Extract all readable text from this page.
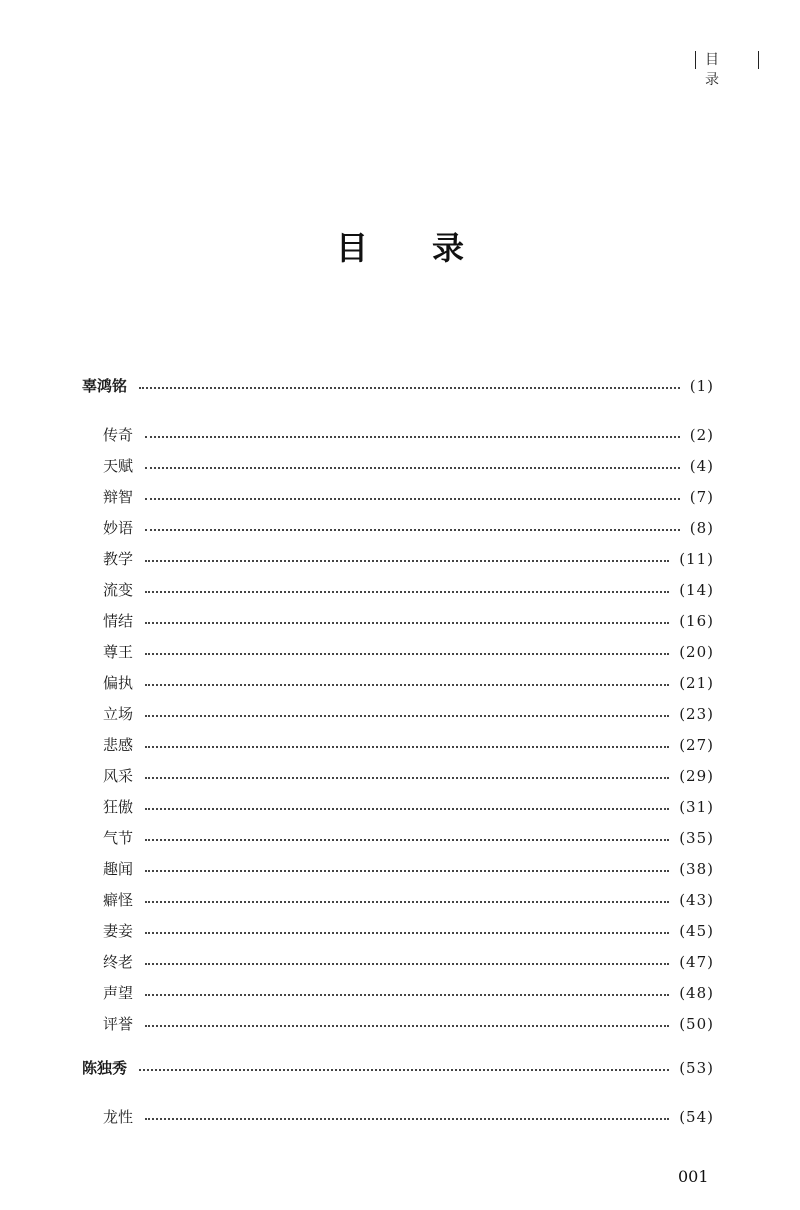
目 录
目录
辜鸿铭	(1)
传奇	(2)
天赋	(4)
辩智	(7)
妙语	(8)
教学	(11)
流变	(14)
情结	(16)
尊王	(20)
偏执	(21)
立场	(23)
悲感	(27)
风采	(29)
狂傲	(31)
气节	(35)
趣闻	(38)
癖怪	(43)
妻妾	(45)
终老	(47)
声望	(48)
评誉	(50)
陈独秀	(53)
龙性	(54)
001
